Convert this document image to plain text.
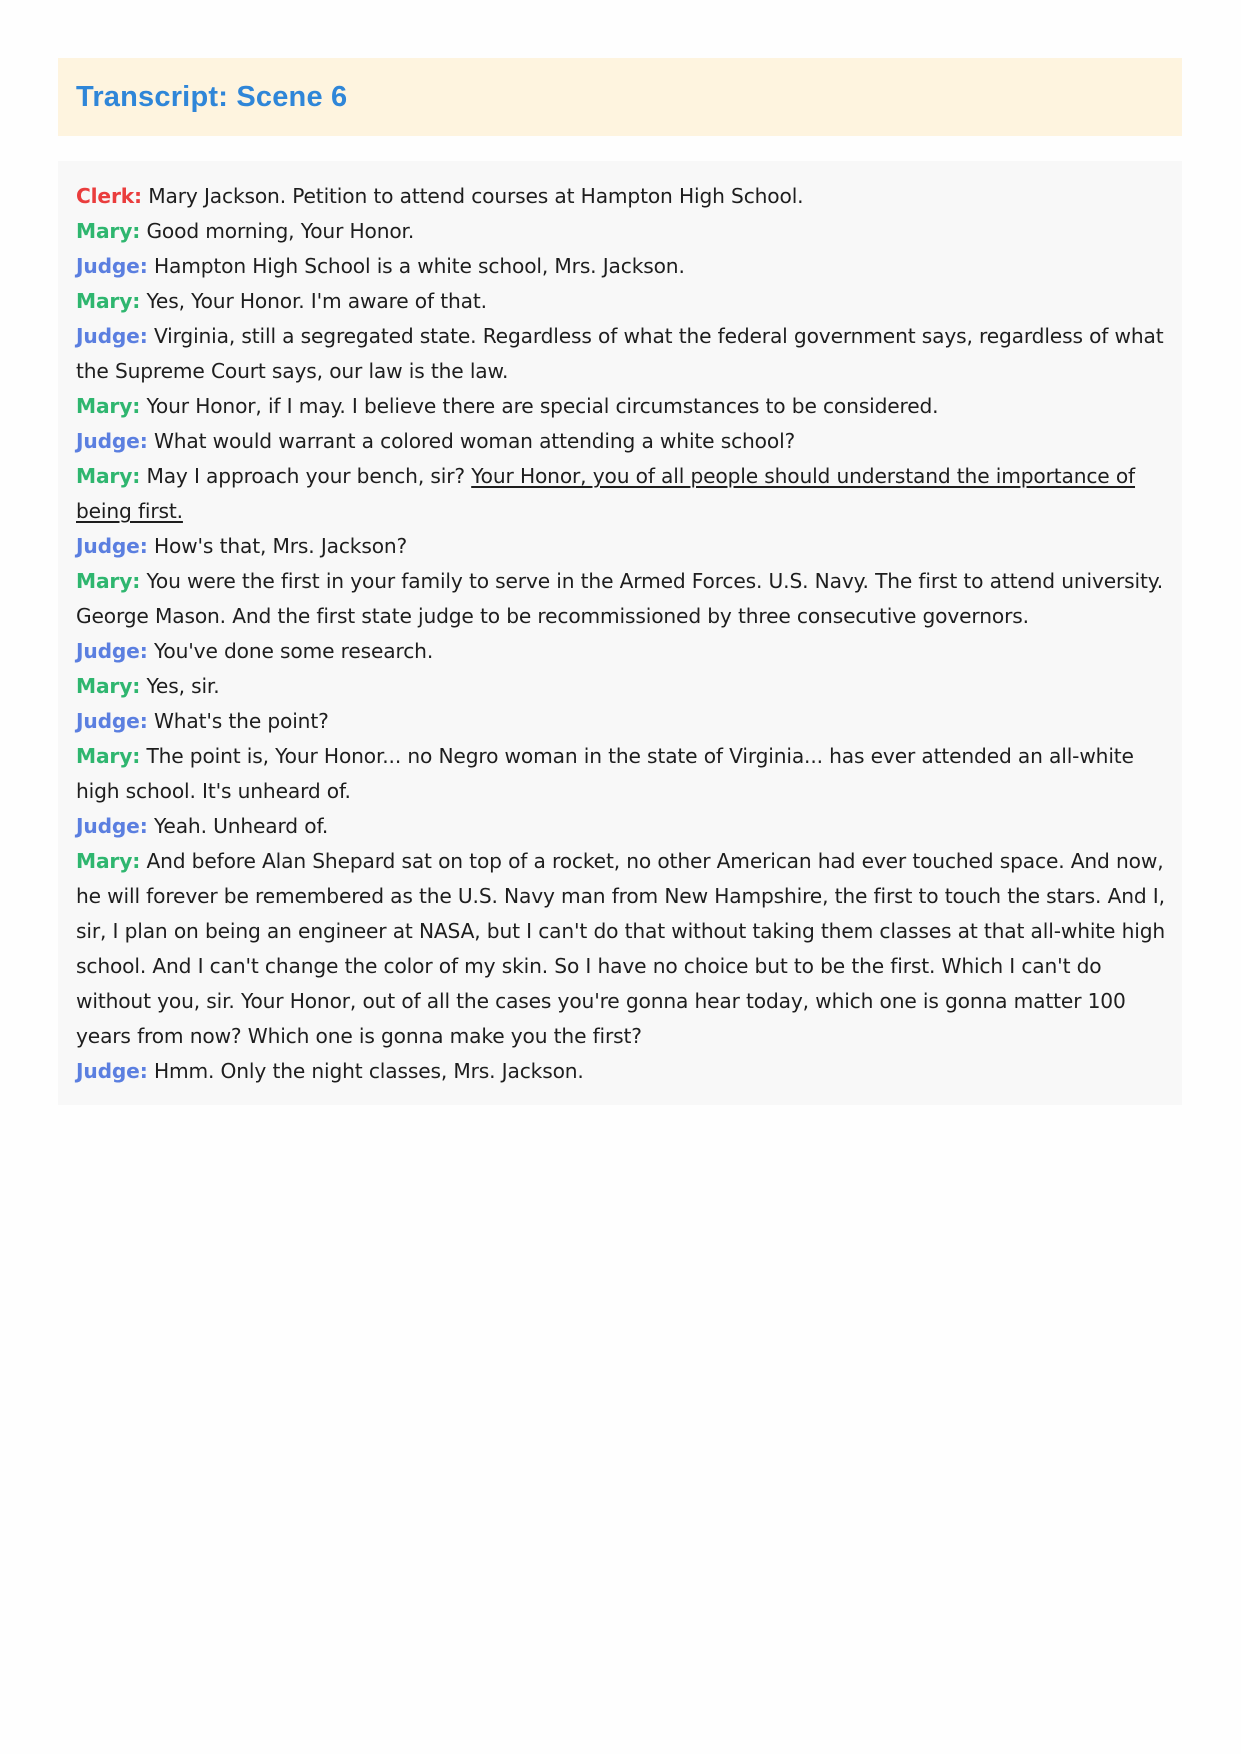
Transcript: Scene 6

Clerk: Mary Jackson. Petition to attend courses at Hampton High School.

Mary: Good morning, Your Honor.

Judge: Hampton High School is a white school, Mrs. Jackson.

Mary: Yes, Your Honor. I'm aware of that.

Judge: Virginia, still a segregated state. Regardless of what the federal government says, regardless of what the Supreme Court says, our law is the law.

Mary: Your Honor, if I may. I believe there are special circumstances to be considered.

Judge: What would warrant a colored woman attending a white school?

Mary: May I approach your bench, sir? Your Honor, you of all people should understand the importance of being first.

Judge: How's that, Mrs. Jackson?

Mary: You were the first in your family to serve in the Armed Forces. U.S. Navy. The first to attend university. George Mason. And the first state judge to be recommissioned by three consecutive governors.

Judge: You've done some research.

Mary: Yes, sir.

Judge: What's the point?

Mary: The point is, Your Honor... no Negro woman in the state of Virginia... has ever attended an all-white high school. It's unheard of.

Judge: Yeah. Unheard of.

Mary: And before Alan Shepard sat on top of a rocket, no other American had ever touched space. And now, he will forever be remembered as the U.S. Navy man from New Hampshire, the first to touch the stars. And I, sir, I plan on being an engineer at NASA, but I can't do that without taking them classes at that all-white high school. And I can't change the color of my skin. So I have no choice but to be the first. Which I can't do without you, sir. Your Honor, out of all the cases you're gonna hear today, which one is gonna matter 100 years from now? Which one is gonna make you the first?

Judge: Hmm. Only the night classes, Mrs. Jackson.
